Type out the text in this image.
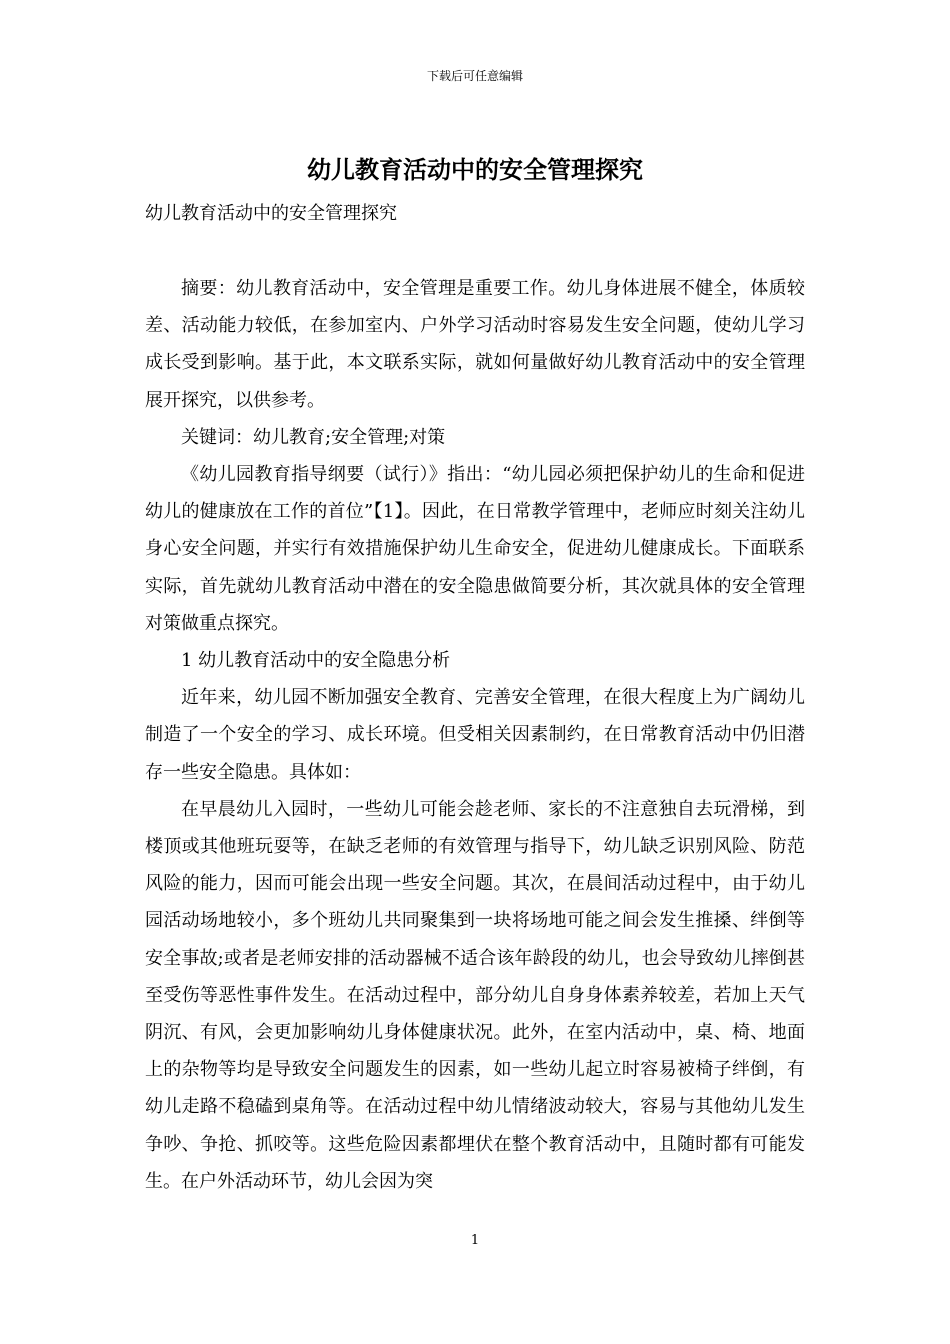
下载后可任意编辑
幼儿教育活动中的安全管理探究

幼儿教育活动中的安全管理探究

摘要：幼儿教育活动中，安全管理是重要工作。幼儿身体进展不健全，体质较差、活动能力较低，在参加室内、户外学习活动时容易发生安全问题，使幼儿学习成长受到影响。基于此，本文联系实际，就如何量做好幼儿教育活动中的安全管理展开探究，以供参考。

关键词：幼儿教育;安全管理;对策

《幼儿园教育指导纲要（试行）》指出：“幼儿园必须把保护幼儿的生命和促进幼儿的健康放在工作的首位”【1】。因此，在日常教学管理中，老师应时刻关注幼儿身心安全问题，并实行有效措施保护幼儿生命安全，促进幼儿健康成长。下面联系实际，首先就幼儿教育活动中潜在的安全隐患做简要分析，其次就具体的安全管理对策做重点探究。

1 幼儿教育活动中的安全隐患分析

近年来，幼儿园不断加强安全教育、完善安全管理，在很大程度上为广阔幼儿制造了一个安全的学习、成长环境。但受相关因素制约，在日常教育活动中仍旧潜存一些安全隐患。具体如：

在早晨幼儿入园时，一些幼儿可能会趁老师、家长的不注意独自去玩滑梯，到楼顶或其他班玩耍等，在缺乏老师的有效管理与指导下，幼儿缺乏识别风险、防范风险的能力，因而可能会出现一些安全问题。其次，在晨间活动过程中，由于幼儿园活动场地较小，多个班幼儿共同聚集到一块将场地可能之间会发生推搡、绊倒等安全事故;或者是老师安排的活动器械不适合该年龄段的幼儿，也会导致幼儿摔倒甚至受伤等恶性事件发生。在活动过程中，部分幼儿自身身体素养较差，若加上天气阴沉、有风，会更加影响幼儿身体健康状况。此外，在室内活动中，桌、椅、地面上的杂物等均是导致安全问题发生的因素，如一些幼儿起立时容易被椅子绊倒，有幼儿走路不稳磕到桌角等。在活动过程中幼儿情绪波动较大，容易与其他幼儿发生争吵、争抢、抓咬等。这些危险因素都埋伏在整个教育活动中，且随时都有可能发生。在户外活动环节，幼儿会因为突

1
